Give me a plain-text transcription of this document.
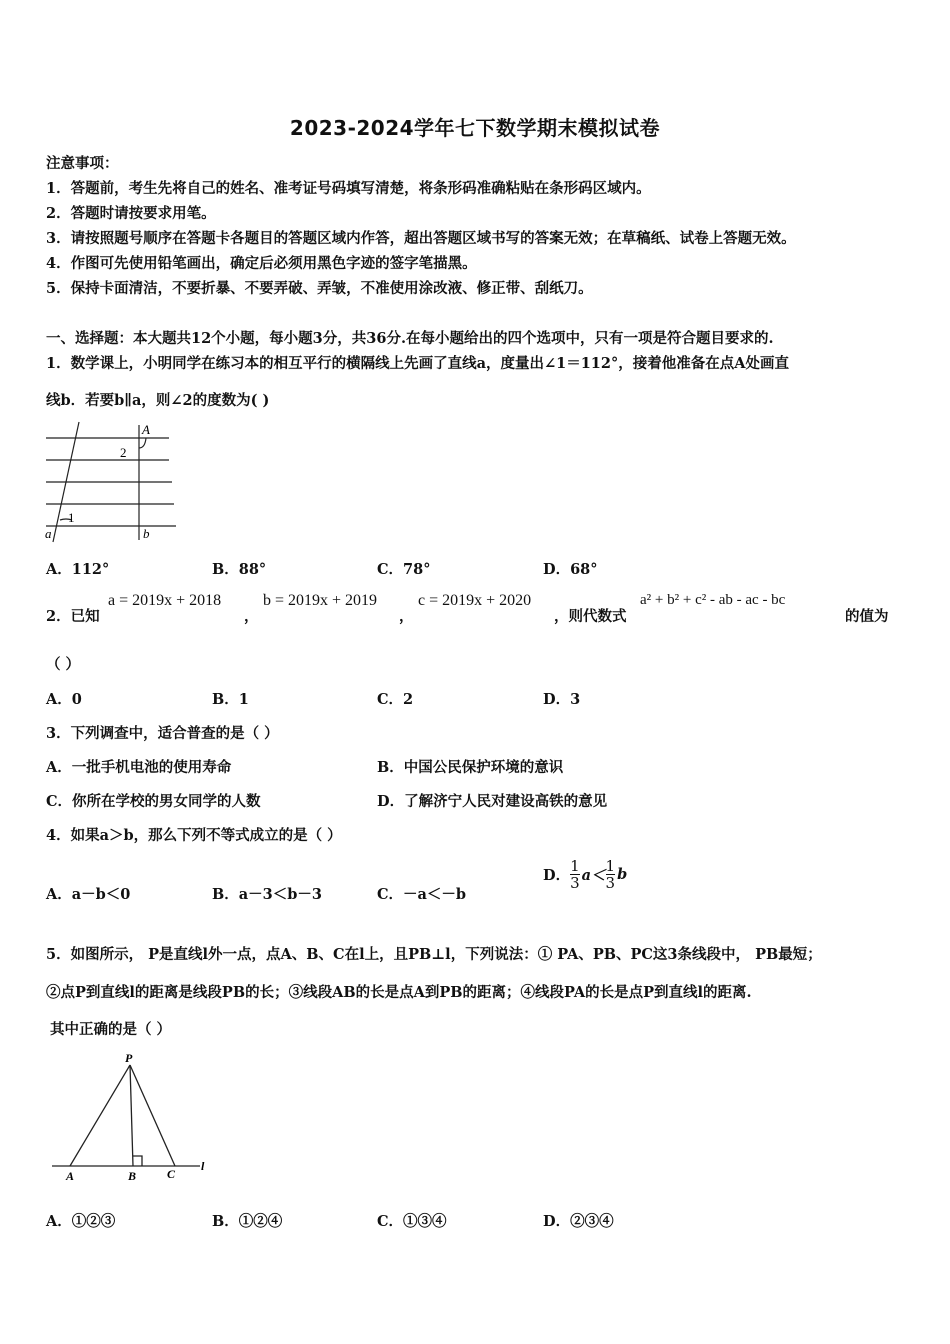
2023-2024学年七下数学期末模拟试卷
注意事项：
1．答题前，考生先将自己的姓名、准考证号码填写清楚，将条形码准确粘贴在条形码区域内。
2．答题时请按要求用笔。
3．请按照题号顺序在答题卡各题目的答题区域内作答，超出答题区域书写的答案无效；在草稿纸、试卷上答题无效。
4．作图可先使用铅笔画出，确定后必须用黑色字迹的签字笔描黑。
5．保持卡面清洁，不要折暴、不要弄破、弄皱，不准使用涂改液、修正带、刮纸刀。
一、选择题：本大题共12个小题，每小题3分，共36分.在每小题给出的四个选项中，只有一项是符合题目要求的.
1．数学课上，小明同学在练习本的相互平行的横隔线上先画了直线a，度量出∠1＝112°，接着他准备在点A处画直
线b．若要b∥a，则∠2的度数为( )
A
2
1
a	b
A．112°	B．88°	C．78°	D．68°
2．已知
a = 2019x + 2018
，
b = 2019x + 2019
，
c = 2019x + 2020
，则代数式
a² + b² + c² - ab - ac - bc
的值为
（ ）
A．0	B．1	C．2	D．3
3．下列调查中，适合普查的是（ ）
A．一批手机电池的使用寿命	B．中国公民保护环境的意识
C．你所在学校的男女同学的人数	D．了解济宁人民对建设高铁的意见
4．如果a＞b，那么下列不等式成立的是（ ）
A．a－b＜0	B．a－3＜b－3	C．－a＜－b
D． $\frac{1}{3} a< \frac{1}{3}$ b
5．如图所示， P是直线l外一点，点A、B、C在l上，且PB⊥l，下列说法：① PA、PB、PC这3条线段中， PB最短；
②点P到直线l的距离是线段PB的长；③线段AB的长是点A到PB的距离；④线段PA的长是点P到直线l的距离.
其中正确的是（ ）
P
A	B	C
l
A．①②③	B．①②④	C．①③④	D．②③④
